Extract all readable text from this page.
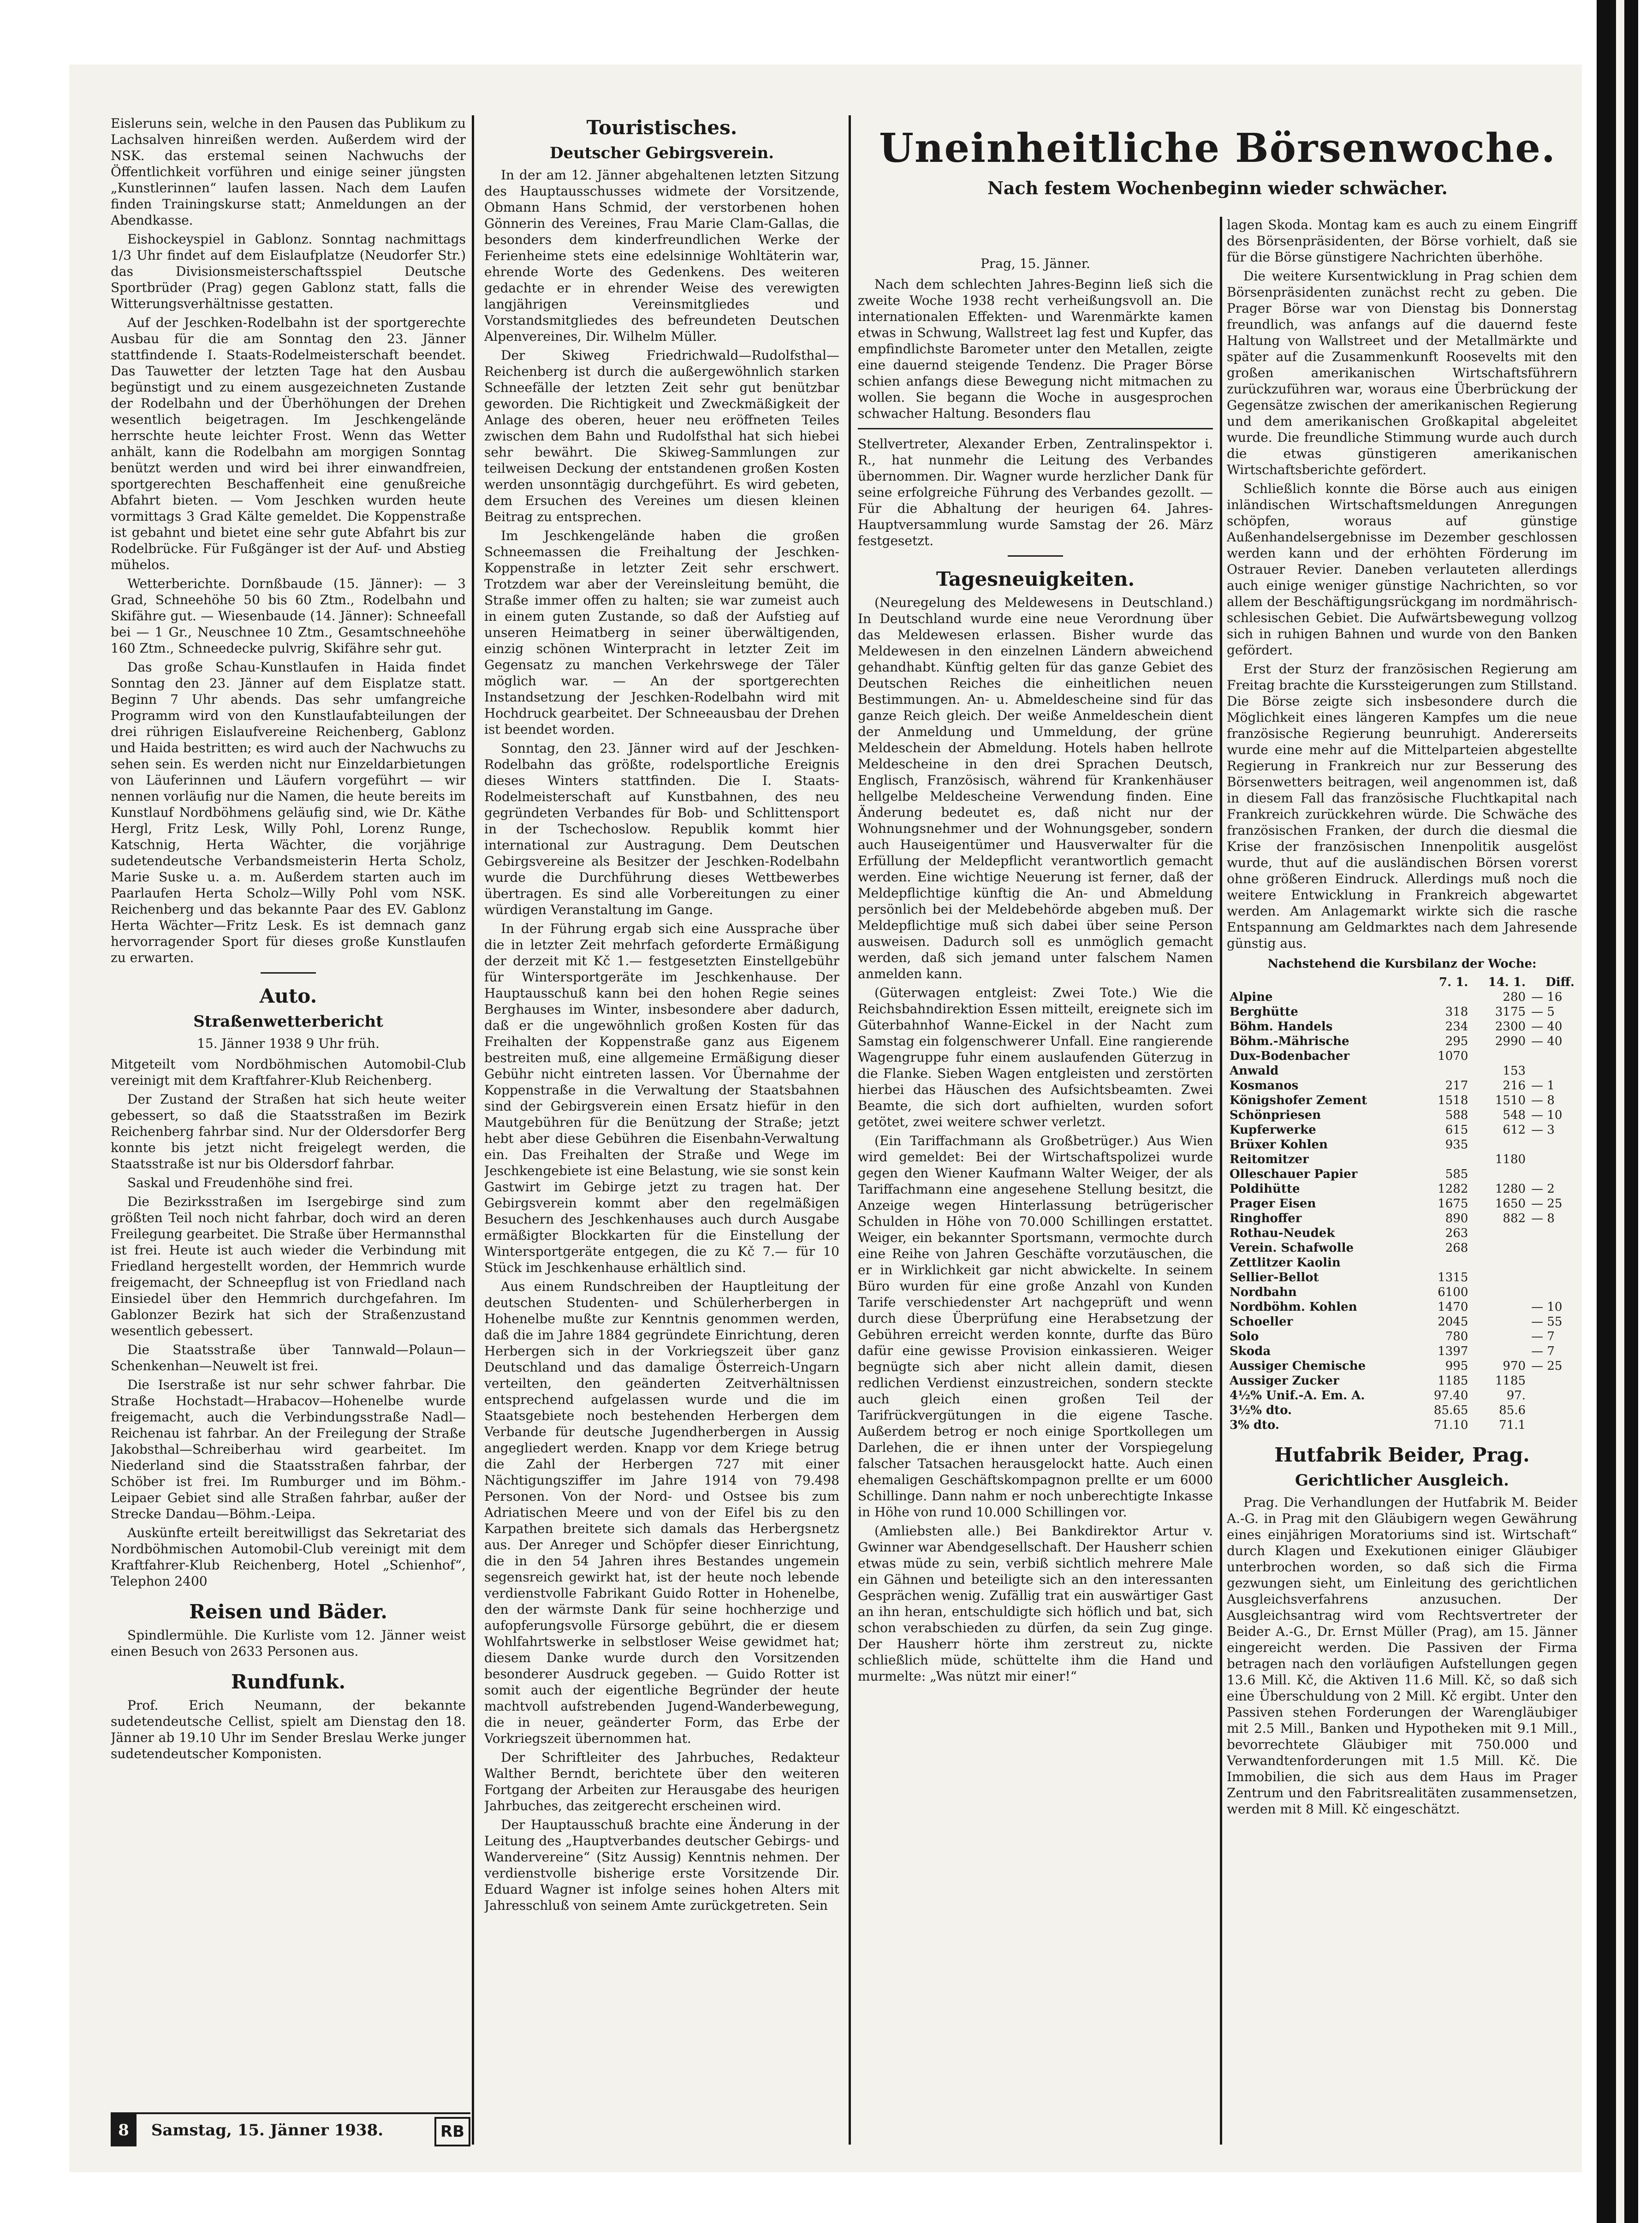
Eisleruns sein, welche in den Pausen das Publikum zu Lachsalven hinreißen werden. Außerdem wird der NSK. das erstemal seinen Nachwuchs der Öffentlichkeit vorführen und einige seiner jüngsten „Kunstlerinnen“ laufen lassen. Nach dem Laufen finden Trainingskurse statt; Anmeldungen an der Abendkasse.

Eishockeyspiel in Gablonz. Sonntag nachmittags 1/3 Uhr findet auf dem Eislaufplatze (Neudorfer Str.) das Divisionsmeisterschaftsspiel Deutsche Sportbrüder (Prag) gegen Gablonz statt, falls die Witterungsverhältnisse gestatten.

Auf der Jeschken-Rodelbahn ist der sportgerechte Ausbau für die am Sonntag den 23. Jänner stattfindende I. Staats-Rodelmeisterschaft beendet. Das Tauwetter der letzten Tage hat den Ausbau begünstigt und zu einem ausgezeichneten Zustande der Rodelbahn und der Überhöhungen der Drehen wesentlich beigetragen. Im Jeschkengelände herrschte heute leichter Frost. Wenn das Wetter anhält, kann die Rodelbahn am morgigen Sonntag benützt werden und wird bei ihrer einwandfreien, sportgerechten Beschaffenheit eine genußreiche Abfahrt bieten. — Vom Jeschken wurden heute vormittags 3 Grad Kälte gemeldet. Die Koppenstraße ist gebahnt und bietet eine sehr gute Abfahrt bis zur Rodelbrücke. Für Fußgänger ist der Auf- und Abstieg mühelos.

Wetterberichte. Dornßbaude (15. Jänner): — 3 Grad, Schneehöhe 50 bis 60 Ztm., Rodelbahn und Skifähre gut. — Wiesenbaude (14. Jänner): Schneefall bei — 1 Gr., Neuschnee 10 Ztm., Gesamtschneehöhe 160 Ztm., Schneedecke pulvrig, Skifähre sehr gut.

Das große Schau-Kunstlaufen in Haida findet Sonntag den 23. Jänner auf dem Eisplatze statt. Beginn 7 Uhr abends. Das sehr umfangreiche Programm wird von den Kunstlaufabteilungen der drei rührigen Eislaufvereine Reichenberg, Gablonz und Haida bestritten; es wird auch der Nachwuchs zu sehen sein. Es werden nicht nur Einzeldarbietungen von Läuferinnen und Läufern vorgeführt — wir nennen vorläufig nur die Namen, die heute bereits im Kunstlauf Nordböhmens geläufig sind, wie Dr. Käthe Hergl, Fritz Lesk, Willy Pohl, Lorenz Runge, Katschnig, Herta Wächter, die vorjährige sudetendeutsche Verbandsmeisterin Herta Scholz, Marie Suske u. a. m. Außerdem starten auch im Paarlaufen Herta Scholz—Willy Pohl vom NSK. Reichenberg und das bekannte Paar des EV. Gablonz Herta Wächter—Fritz Lesk. Es ist demnach ganz hervorragender Sport für dieses große Kunstlaufen zu erwarten.

Auto.
Straßenwetterbericht
15. Jänner 1938 9 Uhr früh.

Mitgeteilt vom Nordböhmischen Automobil-Club vereinigt mit dem Kraftfahrer-Klub Reichenberg.

Der Zustand der Straßen hat sich heute weiter gebessert, so daß die Staatsstraßen im Bezirk Reichenberg fahrbar sind. Nur der Oldersdorfer Berg konnte bis jetzt nicht freigelegt werden, die Staatsstraße ist nur bis Oldersdorf fahrbar.

Saskal und Freudenhöhe sind frei.

Die Bezirksstraßen im Isergebirge sind zum größten Teil noch nicht fahrbar, doch wird an deren Freilegung gearbeitet. Die Straße über Hermannsthal ist frei. Heute ist auch wieder die Verbindung mit Friedland hergestellt worden, der Hemmrich wurde freigemacht, der Schneepflug ist von Friedland nach Einsiedel über den Hemmrich durchgefahren. Im Gablonzer Bezirk hat sich der Straßenzustand wesentlich gebessert.

Die Staatsstraße über Tannwald—Polaun—Schenkenhan—Neuwelt ist frei.

Die Iserstraße ist nur sehr schwer fahrbar. Die Straße Hochstadt—Hrabacov—Hohenelbe wurde freigemacht, auch die Verbindungsstraße Nadl—Reichenau ist fahrbar. An der Freilegung der Straße Jakobsthal—Schreiberhau wird gearbeitet. Im Niederland sind die Staatsstraßen fahrbar, der Schöber ist frei. Im Rumburger und im Böhm.-Leipaer Gebiet sind alle Straßen fahrbar, außer der Strecke Dandau—Böhm.-Leipa.

Auskünfte erteilt bereitwilligst das Sekretariat des Nordböhmischen Automobil-Club vereinigt mit dem Kraftfahrer-Klub Reichenberg, Hotel „Schienhof“, Telephon 2400

Reisen und Bäder.

Spindlermühle. Die Kurliste vom 12. Jänner weist einen Besuch von 2633 Personen aus.

Rundfunk.

Prof. Erich Neumann, der bekannte sudetendeutsche Cellist, spielt am Dienstag den 18. Jänner ab 19.10 Uhr im Sender Breslau Werke junger sudetendeutscher Komponisten.

Touristisches.
Deutscher Gebirgsverein.

In der am 12. Jänner abgehaltenen letzten Sitzung des Hauptausschusses widmete der Vorsitzende, Obmann Hans Schmid, der verstorbenen hohen Gönnerin des Vereines, Frau Marie Clam-Gallas, die besonders dem kinderfreundlichen Werke der Ferienheime stets eine edelsinnige Wohltäterin war, ehrende Worte des Gedenkens. Des weiteren gedachte er in ehrender Weise des verewigten langjährigen Vereinsmitgliedes und Vorstandsmitgliedes des befreundeten Deutschen Alpenvereines, Dir. Wilhelm Müller.

Der Skiweg Friedrichwald—Rudolfsthal—Reichenberg ist durch die außergewöhnlich starken Schneefälle der letzten Zeit sehr gut benützbar geworden. Die Richtigkeit und Zweckmäßigkeit der Anlage des oberen, heuer neu eröffneten Teiles zwischen dem Bahn und Rudolfsthal hat sich hiebei sehr bewährt. Die Skiweg-Sammlungen zur teilweisen Deckung der entstandenen großen Kosten werden unsonntägig durchgeführt. Es wird gebeten, dem Ersuchen des Vereines um diesen kleinen Beitrag zu entsprechen.

Im Jeschkengelände haben die großen Schneemassen die Freihaltung der Jeschken-Koppenstraße in letzter Zeit sehr erschwert. Trotzdem war aber der Vereinsleitung bemüht, die Straße immer offen zu halten; sie war zumeist auch in einem guten Zustande, so daß der Aufstieg auf unseren Heimatberg in seiner überwältigenden, einzig schönen Winterpracht in letzter Zeit im Gegensatz zu manchen Verkehrswege der Täler möglich war. — An der sportgerechten Instandsetzung der Jeschken-Rodelbahn wird mit Hochdruck gearbeitet. Der Schneeausbau der Drehen ist beendet worden.

Sonntag, den 23. Jänner wird auf der Jeschken-Rodelbahn das größte, rodelsportliche Ereignis dieses Winters stattfinden. Die I. Staats-Rodelmeisterschaft auf Kunstbahnen, des neu gegründeten Verbandes für Bob- und Schlittensport in der Tschechoslow. Republik kommt hier international zur Austragung. Dem Deutschen Gebirgsvereine als Besitzer der Jeschken-Rodelbahn wurde die Durchführung dieses Wettbewerbes übertragen. Es sind alle Vorbereitungen zu einer würdigen Veranstaltung im Gange.

In der Führung ergab sich eine Aussprache über die in letzter Zeit mehrfach geforderte Ermäßigung der derzeit mit Kč 1.— festgesetzten Einstellgebühr für Wintersportgeräte im Jeschkenhause. Der Hauptausschuß kann bei den hohen Regie seines Berghauses im Winter, insbesondere aber dadurch, daß er die ungewöhnlich großen Kosten für das Freihalten der Koppenstraße ganz aus Eigenem bestreiten muß, eine allgemeine Ermäßigung dieser Gebühr nicht eintreten lassen. Vor Übernahme der Koppenstraße in die Verwaltung der Staatsbahnen sind der Gebirgsverein einen Ersatz hiefür in den Mautgebühren für die Benützung der Straße; jetzt hebt aber diese Gebühren die Eisenbahn-Verwaltung ein. Das Freihalten der Straße und Wege im Jeschkengebiete ist eine Belastung, wie sie sonst kein Gastwirt im Gebirge jetzt zu tragen hat. Der Gebirgsverein kommt aber den regelmäßigen Besuchern des Jeschkenhauses auch durch Ausgabe ermäßigter Blockkarten für die Einstellung der Wintersportgeräte entgegen, die zu Kč 7.— für 10 Stück im Jeschkenhause erhältlich sind.

Aus einem Rundschreiben der Hauptleitung der deutschen Studenten- und Schülerherbergen in Hohenelbe mußte zur Kenntnis genommen werden, daß die im Jahre 1884 gegründete Einrichtung, deren Herbergen sich in der Vorkriegszeit über ganz Deutschland und das damalige Österreich-Ungarn verteilten, den geänderten Zeitverhältnissen entsprechend aufgelassen wurde und die im Staatsgebiete noch bestehenden Herbergen dem Verbande für deutsche Jugendherbergen in Aussig angegliedert werden. Knapp vor dem Kriege betrug die Zahl der Herbergen 727 mit einer Nächtigungsziffer im Jahre 1914 von 79.498 Personen. Von der Nord- und Ostsee bis zum Adriatischen Meere und von der Eifel bis zu den Karpathen breitete sich damals das Herbergsnetz aus. Der Anreger und Schöpfer dieser Einrichtung, die in den 54 Jahren ihres Bestandes ungemein segensreich gewirkt hat, ist der heute noch lebende verdienstvolle Fabrikant Guido Rotter in Hohenelbe, den der wärmste Dank für seine hochherzige und aufopferungsvolle Fürsorge gebührt, die er diesem Wohlfahrtswerke in selbstloser Weise gewidmet hat; diesem Danke wurde durch den Vorsitzenden besonderer Ausdruck gegeben. — Guido Rotter ist somit auch der eigentliche Begründer der heute machtvoll aufstrebenden Jugend-Wanderbewegung, die in neuer, geänderter Form, das Erbe der Vorkriegszeit übernommen hat.

Der Schriftleiter des Jahrbuches, Redakteur Walther Berndt, berichtete über den weiteren Fortgang der Arbeiten zur Herausgabe des heurigen Jahrbuches, das zeitgerecht erscheinen wird.

Der Hauptausschuß brachte eine Änderung in der Leitung des „Hauptverbandes deutscher Gebirgs- und Wandervereine“ (Sitz Aussig) Kenntnis nehmen. Der verdienstvolle bisherige erste Vorsitzende Dir. Eduard Wagner ist infolge seines hohen Alters mit Jahresschluß von seinem Amte zurückgetreten. Sein

Uneinheitliche Börsenwoche.
Nach festem Wochenbeginn wieder schwächer.
Prag, 15. Jänner.

Nach dem schlechten Jahres-Beginn ließ sich die zweite Woche 1938 recht verheißungsvoll an. Die internationalen Effekten- und Warenmärkte kamen etwas in Schwung, Wallstreet lag fest und Kupfer, das empfindlichste Barometer unter den Metallen, zeigte eine dauernd steigende Tendenz. Die Prager Börse schien anfangs diese Bewegung nicht mitmachen zu wollen. Sie begann die Woche in ausgesprochen schwacher Haltung. Besonders flau

Stellvertreter, Alexander Erben, Zentralinspektor i. R., hat nunmehr die Leitung des Verbandes übernommen. Dir. Wagner wurde herzlicher Dank für seine erfolgreiche Führung des Verbandes gezollt. — Für die Abhaltung der heurigen 64. Jahres-Hauptversammlung wurde Samstag der 26. März festgesetzt.

Tagesneuigkeiten.

(Neuregelung des Meldewesens in Deutschland.) In Deutschland wurde eine neue Verordnung über das Meldewesen erlassen. Bisher wurde das Meldewesen in den einzelnen Ländern abweichend gehandhabt. Künftig gelten für das ganze Gebiet des Deutschen Reiches die einheitlichen neuen Bestimmungen. An- u. Abmeldescheine sind für das ganze Reich gleich. Der weiße Anmeldeschein dient der Anmeldung und Ummeldung, der grüne Meldeschein der Abmeldung. Hotels haben hellrote Meldescheine in den drei Sprachen Deutsch, Englisch, Französisch, während für Krankenhäuser hellgelbe Meldescheine Verwendung finden. Eine Änderung bedeutet es, daß nicht nur der Wohnungsnehmer und der Wohnungsgeber, sondern auch Hauseigentümer und Hausverwalter für die Erfüllung der Meldepflicht verantwortlich gemacht werden. Eine wichtige Neuerung ist ferner, daß der Meldepflichtige künftig die An- und Abmeldung persönlich bei der Meldebehörde abgeben muß. Der Meldepflichtige muß sich dabei über seine Person ausweisen. Dadurch soll es unmöglich gemacht werden, daß sich jemand unter falschem Namen anmelden kann.

(Güterwagen entgleist: Zwei Tote.) Wie die Reichsbahndirektion Essen mitteilt, ereignete sich im Güterbahnhof Wanne-Eickel in der Nacht zum Samstag ein folgenschwerer Unfall. Eine rangierende Wagengruppe fuhr einem auslaufenden Güterzug in die Flanke. Sieben Wagen entgleisten und zerstörten hierbei das Häuschen des Aufsichtsbeamten. Zwei Beamte, die sich dort aufhielten, wurden sofort getötet, zwei weitere schwer verletzt.

(Ein Tariffachmann als Großbetrüger.) Aus Wien wird gemeldet: Bei der Wirtschaftspolizei wurde gegen den Wiener Kaufmann Walter Weiger, der als Tariffachmann eine angesehene Stellung besitzt, die Anzeige wegen Hinterlassung betrügerischer Schulden in Höhe von 70.000 Schillingen erstattet. Weiger, ein bekannter Sportsmann, vermochte durch eine Reihe von Jahren Geschäfte vorzutäuschen, die er in Wirklichkeit gar nicht abwickelte. In seinem Büro wurden für eine große Anzahl von Kunden Tarife verschiedenster Art nachgeprüft und wenn durch diese Überprüfung eine Herabsetzung der Gebühren erreicht werden konnte, durfte das Büro dafür eine gewisse Provision einkassieren. Weiger begnügte sich aber nicht allein damit, diesen redlichen Verdienst einzustreichen, sondern steckte auch gleich einen großen Teil der Tarifrückvergütungen in die eigene Tasche. Außerdem betrog er noch einige Sportkollegen um Darlehen, die er ihnen unter der Vorspiegelung falscher Tatsachen herausgelockt hatte. Auch einen ehemaligen Geschäftskompagnon prellte er um 6000 Schillinge. Dann nahm er noch unberechtigte Inkasse in Höhe von rund 10.000 Schillingen vor.

(Amliebsten alle.) Bei Bankdirektor Artur v. Gwinner war Abendgesellschaft. Der Hausherr schien etwas müde zu sein, verbiß sichtlich mehrere Male ein Gähnen und beteiligte sich an den interessanten Gesprächen wenig. Zufällig trat ein auswärtiger Gast an ihn heran, entschuldigte sich höflich und bat, sich schon verabschieden zu dürfen, da sein Zug ginge. Der Hausherr hörte ihm zerstreut zu, nickte schließlich müde, schüttelte ihm die Hand und murmelte: „Was nützt mir einer!“

lagen Skoda. Montag kam es auch zu einem Eingriff des Börsenpräsidenten, der Börse vorhielt, daß sie für die Börse günstigere Nachrichten überhöhe.

Die weitere Kursentwicklung in Prag schien dem Börsenpräsidenten zunächst recht zu geben. Die Prager Börse war von Dienstag bis Donnerstag freundlich, was anfangs auf die dauernd feste Haltung von Wallstreet und der Metallmärkte und später auf die Zusammenkunft Roosevelts mit den großen amerikanischen Wirtschaftsführern zurückzuführen war, woraus eine Überbrückung der Gegensätze zwischen der amerikanischen Regierung und dem amerikanischen Großkapital abgeleitet wurde. Die freundliche Stimmung wurde auch durch die etwas günstigeren amerikanischen Wirtschaftsberichte gefördert.

Schließlich konnte die Börse auch aus einigen inländischen Wirtschaftsmeldungen Anregungen schöpfen, woraus auf günstige Außenhandelsergebnisse im Dezember geschlossen werden kann und der erhöhten Förderung im Ostrauer Revier. Daneben verlauteten allerdings auch einige weniger günstige Nachrichten, so vor allem der Beschäftigungsrückgang im nordmährisch-schlesischen Gebiet. Die Aufwärtsbewegung vollzog sich in ruhigen Bahnen und wurde von den Banken gefördert.

Erst der Sturz der französischen Regierung am Freitag brachte die Kurssteigerungen zum Stillstand. Die Börse zeigte sich insbesondere durch die Möglichkeit eines längeren Kampfes um die neue französische Regierung beunruhigt. Andererseits wurde eine mehr auf die Mittelparteien abgestellte Regierung in Frankreich nur zur Besserung des Börsenwetters beitragen, weil angenommen ist, daß in diesem Fall das französische Fluchtkapital nach Frankreich zurückkehren würde. Die Schwäche des französischen Franken, der durch die diesmal die Krise der französischen Innenpolitik ausgelöst wurde, thut auf die ausländischen Börsen vorerst ohne größeren Eindruck. Allerdings muß noch die weitere Entwicklung in Frankreich abgewartet werden. Am Anlagemarkt wirkte sich die rasche Entspannung am Geldmarktes nach dem Jahresende günstig aus.

Nachstehend die Kursbilanz der Woche:
	7. 1.	14. 1.	Diff.
Alpine		280	— 16
Berghütte	318	3175	— 5
Böhm. Handels	234	2300	— 40
Böhm.-Mährische	295	2990	— 40
Dux-Bodenbacher	1070		
Anwald		153	
Kosmanos	217	216	— 1
Königshofer Zement	1518	1510	— 8
Schönpriesen	588	548	— 10
Kupferwerke	615	612	— 3
Brüxer Kohlen	935		
Reitomitzer		1180	
Olleschauer Papier	585		
Poldihütte	1282	1280	— 2
Prager Eisen	1675	1650	— 25
Ringhoffer	890	882	— 8
Rothau-Neudek	263		
Verein. Schafwolle	268		
Zettlitzer Kaolin			
Sellier-Bellot	1315		
Nordbahn	6100		
Nordböhm. Kohlen	1470		— 10
Schoeller	2045		— 55
Solo	780		— 7
Skoda	1397		— 7
Aussiger Chemische	995	970	— 25
Aussiger Zucker	1185	1185	
4½% Unif.-A. Em. A.	97.40	97.	
3½% dto.	85.65	85.6	
3% dto.	71.10	71.1	
Hutfabrik Beider, Prag.
Gerichtlicher Ausgleich.

Prag. Die Verhandlungen der Hutfabrik M. Beider A.-G. in Prag mit den Gläubigern wegen Gewährung eines einjährigen Moratoriums sind ist. Wirtschaft“ durch Klagen und Exekutionen einiger Gläubiger unterbrochen worden, so daß sich die Firma gezwungen sieht, um Einleitung des gerichtlichen Ausgleichsverfahrens anzusuchen. Der Ausgleichsantrag wird vom Rechtsvertreter der Beider A.-G., Dr. Ernst Müller (Prag), am 15. Jänner eingereicht werden. Die Passiven der Firma betragen nach den vorläufigen Aufstellungen gegen 13.6 Mill. Kč, die Aktiven 11.6 Mill. Kč, so daß sich eine Überschuldung von 2 Mill. Kč ergibt. Unter den Passiven stehen Forderungen der Warengläubiger mit 2.5 Mill., Banken und Hypotheken mit 9.1 Mill., bevorrechtete Gläubiger mit 750.000 und Verwandtenforderungen mit 1.5 Mill. Kč. Die Immobilien, die sich aus dem Haus im Prager Zentrum und den Fabritsrealitäten zusammensetzen, werden mit 8 Mill. Kč eingeschätzt.

8 Samstag, 15. Jänner 1938.	RB
